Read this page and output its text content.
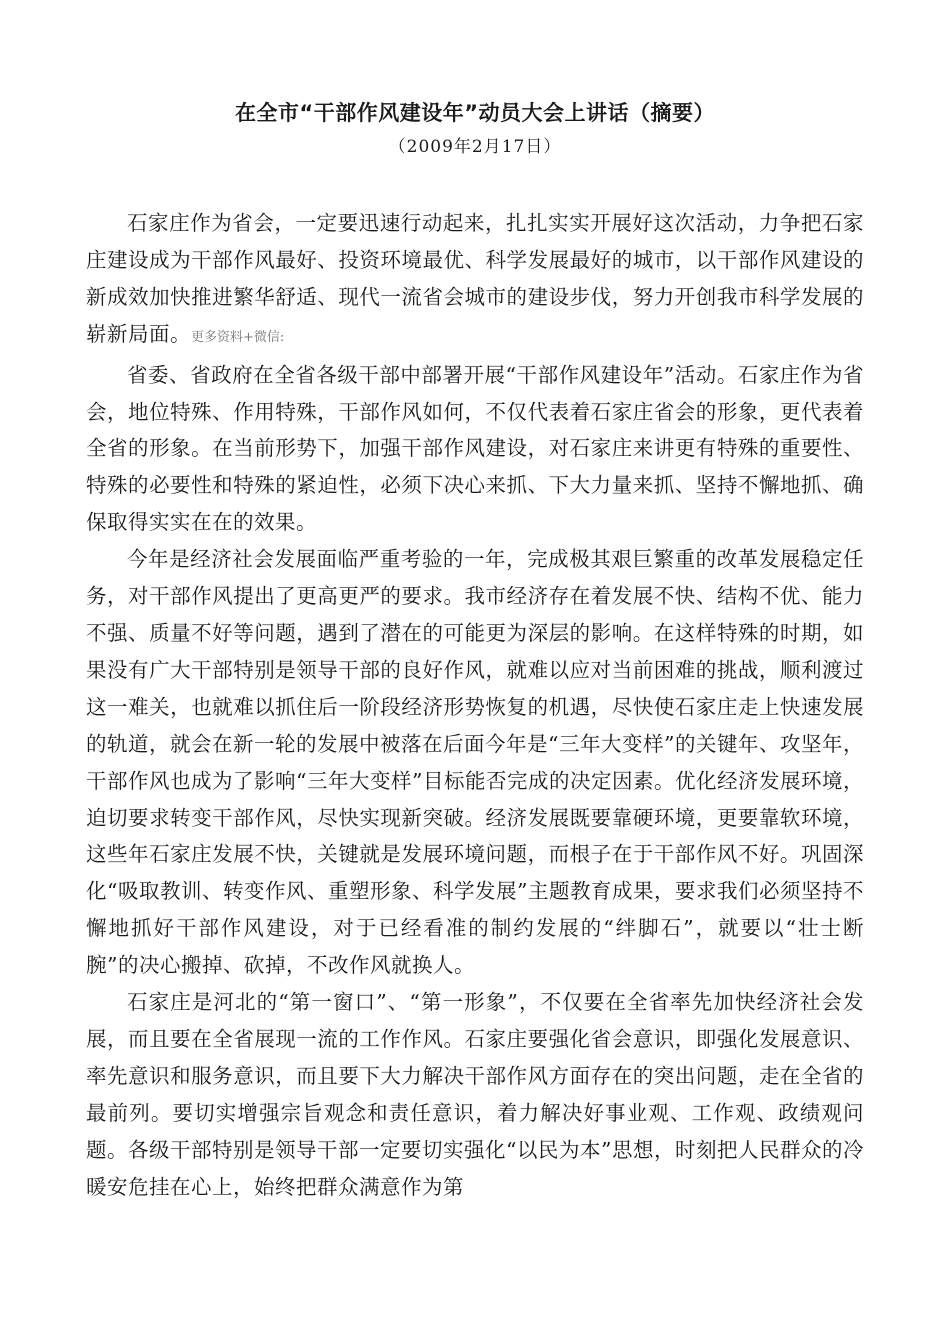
在全市“干部作风建设年”动员大会上讲话（摘要）
（2009年2月17日）

石家庄作为省会，一定要迅速行动起来，扎扎实实开展好这次活动，力争把石家庄建设成为干部作风最好、投资环境最优、科学发展最好的城市，以干部作风建设的新成效加快推进繁华舒适、现代一流省会城市的建设步伐，努力开创我市科学发展的崭新局面。更多资料+微信:

省委、省政府在全省各级干部中部署开展“干部作风建设年”活动。石家庄作为省会，地位特殊、作用特殊，干部作风如何，不仅代表着石家庄省会的形象，更代表着全省的形象。在当前形势下，加强干部作风建设，对石家庄来讲更有特殊的重要性、特殊的必要性和特殊的紧迫性，必须下决心来抓、下大力量来抓、坚持不懈地抓、确保取得实实在在的效果。

今年是经济社会发展面临严重考验的一年，完成极其艰巨繁重的改革发展稳定任务，对干部作风提出了更高更严的要求。我市经济存在着发展不快、结构不优、能力不强、质量不好等问题，遇到了潜在的可能更为深层的影响。在这样特殊的时期，如果没有广大干部特别是领导干部的良好作风，就难以应对当前困难的挑战，顺利渡过这一难关，也就难以抓住后一阶段经济形势恢复的机遇，尽快使石家庄走上快速发展的轨道，就会在新一轮的发展中被落在后面今年是“三年大变样”的关键年、攻坚年，干部作风也成为了影响“三年大变样”目标能否完成的决定因素。优化经济发展环境，迫切要求转变干部作风，尽快实现新突破。经济发展既要靠硬环境，更要靠软环境，这些年石家庄发展不快，关键就是发展环境问题，而根子在于干部作风不好。巩固深化“吸取教训、转变作风、重塑形象、科学发展”主题教育成果，要求我们必须坚持不懈地抓好干部作风建设，对于已经看准的制约发展的“绊脚石”，就要以“壮士断腕”的决心搬掉、砍掉，不改作风就换人。

石家庄是河北的“第一窗口”、“第一形象”，不仅要在全省率先加快经济社会发展，而且要在全省展现一流的工作作风。石家庄要强化省会意识，即强化发展意识、率先意识和服务意识，而且要下大力解决干部作风方面存在的突出问题，走在全省的最前列。要切实增强宗旨观念和责任意识，着力解决好事业观、工作观、政绩观问题。各级干部特别是领导干部一定要切实强化“以民为本”思想，时刻把人民群众的冷暖安危挂在心上，始终把群众满意作为第
